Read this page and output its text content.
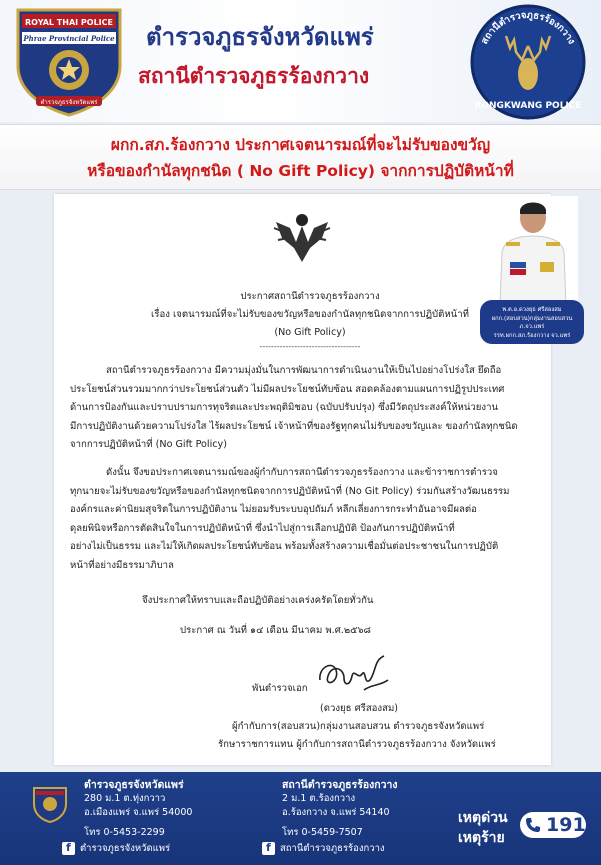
ROYAL THAI POLICE
Phrae Provincial Police
ตำรวจภูธรจังหวัดแพร่
ตำรวจภูธรจังหวัดแพร่
สถานีตำรวจภูธรร้องกวาง
สถานีตำรวจภูธรร้องกวาง
RONGKWANG POLICE
ผกก.สภ.ร้องกวาง ประกาศเจตนารมณ์ที่จะไม่รับของขวัญ
หรือของกำนัลทุกชนิด ( No Gift Policy) จากการปฏิบัติหน้าที่
ประกาศสถานีตำรวจภูธรร้องกวาง
เรื่อง เจตนารมณ์ที่จะไม่รับของขวัญหรือของกำนัลทุกชนิดจากการปฏิบัติหน้าที่
(No Gift Policy)
-----------------------------------
พ.ต.อ.ดวงยุธ ศรีสองสม
ผกก.(สอบสวน)กลุ่มงานสอบสวน ภ.จว.แพร่
รรท.ผกก.สภ.ร้องกวาง จว.แพร่
สถานีตำรวจภูธรร้องกวาง มีความมุ่งมั่นในการพัฒนาการดำเนินงานให้เป็นไปอย่างโปร่งใส ยึดถือ
ประโยชน์ส่วนรวมมากกว่าประโยชน์ส่วนตัว ไม่มีผลประโยชน์ทับซ้อน สอดคล้องตามแผนการปฏิรูปประเทศ
ด้านการป้องกันและปราบปรามการทุจริตและประพฤติมิชอบ (ฉบับปรับปรุง) ซึ่งมีวัตถุประสงค์ให้หน่วยงาน
มีการปฏิบัติงานด้วยความโปร่งใส ไร้ผลประโยชน์ เจ้าหน้าที่ของรัฐทุกคนไม่รับของขวัญและ ของกำนัลทุกชนิด
จากการปฏิบัติหน้าที่ (No Gift Policy)
ดังนั้น จึงขอประกาศเจตนารมณ์ของผู้กำกับการสถานีตำรวจภูธรร้องกวาง และข้าราชการตำรวจ
ทุกนายจะไม่รับของขวัญหรือของกำนัลทุกชนิดจากการปฏิบัติหน้าที่ (No Git Policy) ร่วมกันสร้างวัฒนธรรม
องค์กรและค่านิยมสุจริตในการปฏิบัติงาน ไม่ยอมรับระบบอุปถัมภ์ หลีกเลี่ยงการกระทำอันอาจมีผลต่อ
ดุลยพินิจหรือการตัดสินใจในการปฏิบัติหน้าที่ ซึ่งนำไปสู่การเลือกปฏิบัติ ป้องกันการปฏิบัติหน้าที่
อย่างไม่เป็นธรรม และไม่ให้เกิดผลประโยชน์ทับซ้อน พร้อมทั้งสร้างความเชื่อมั่นต่อประชาชนในการปฏิบัติ
หน้าที่อย่างมีธรรมาภิบาล
จึงประกาศให้ทราบและถือปฏิบัติอย่างเคร่งครัดโดยทั่วกัน
ประกาศ ณ วันที่ ๑๔ เดือน มีนาคม พ.ศ.๒๕๖๘
พันตำรวจเอก
(ดวงยุธ ศรีสองสม)
ผู้กำกับการ(สอบสวน)กลุ่มงานสอบสวน ตำรวจภูธรจังหวัดแพร่
รักษาราชการแทน ผู้กำกับการสถานีตำรวจภูธรร้องกวาง จังหวัดแพร่
ตำรวจภูธรจังหวัดแพร่
280 ม.1 ต.ทุ่งกวาว
อ.เมืองแพร่ จ.แพร่ 54000
โทร 0-5453-2299
f ตำรวจภูธรจังหวัดแพร่
สถานีตำรวจภูธรร้องกวาง
2 ม.1 ต.ร้องกวาง
อ.ร้องกวาง จ.แพร่ 54140
โทร 0-5459-7507
f สถานีตำรวจภูธรร้องกวาง
เหตุด่วน
เหตุร้าย
191
